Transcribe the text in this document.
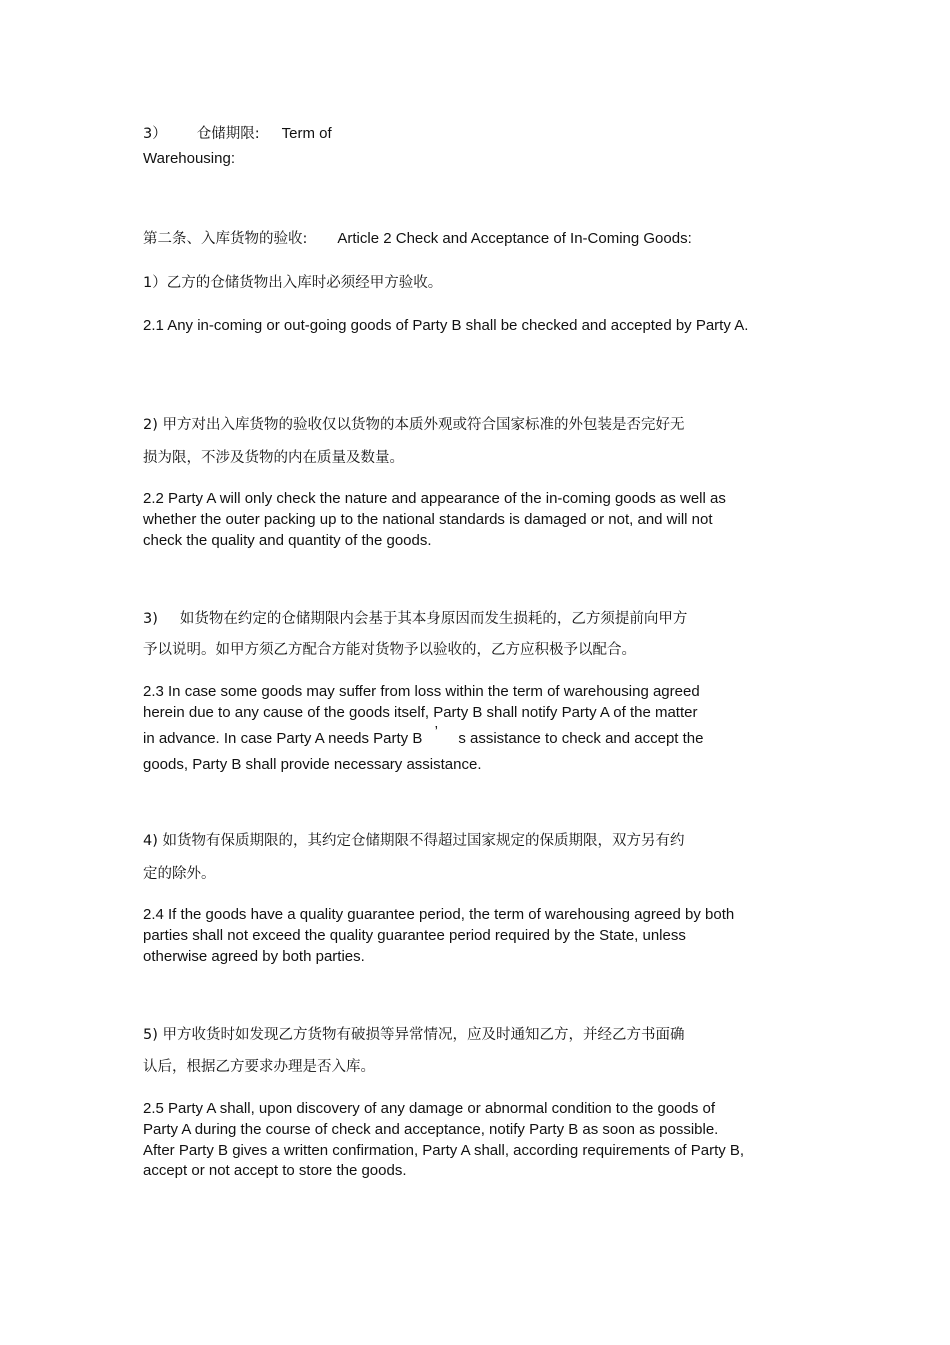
3） 仓储期限: Term of

Warehousing:

第二条、入库货物的验收: Article 2 Check and Acceptance of In-Coming Goods:

1）乙方的仓储货物出入库时必须经甲方验收。

2.1 Any in-coming or out-going goods of Party B shall be checked and accepted by Party A.

2) 甲方对出入库货物的验收仅以货物的本质外观或符合国家标准的外包装是否完好无

损为限，不涉及货物的内在质量及数量。

2.2 Party A will only check the nature and appearance of the in-coming goods as well as whether the outer packing up to the national standards is damaged or not, and will not check the quality and quantity of the goods.

3) 如货物在约定的仓储期限内会基于其本身原因而发生损耗的，乙方须提前向甲方

予以说明。如甲方须乙方配合方能对货物予以验收的，乙方应积极予以配合。

2.3 In case some goods may suffer from loss within the term of warehousing agreed

herein due to any cause of the goods itself, Party B shall notify Party A of the matter

in advance. In case Party A needs Party B ’ s assistance to check and accept the

goods, Party B shall provide necessary assistance.

4) 如货物有保质期限的，其约定仓储期限不得超过国家规定的保质期限，双方另有约

定的除外。

2.4 If the goods have a quality guarantee period, the term of warehousing agreed by both parties shall not exceed the quality guarantee period required by the State, unless otherwise agreed by both parties.

5) 甲方收货时如发现乙方货物有破损等异常情况，应及时通知乙方，并经乙方书面确

认后，根据乙方要求办理是否入库。

2.5 Party A shall, upon discovery of any damage or abnormal condition to the goods of Party A during the course of check and acceptance, notify Party B as soon as possible. After Party B gives a written confirmation, Party A shall, according requirements of Party B, accept or not accept to store the goods.
